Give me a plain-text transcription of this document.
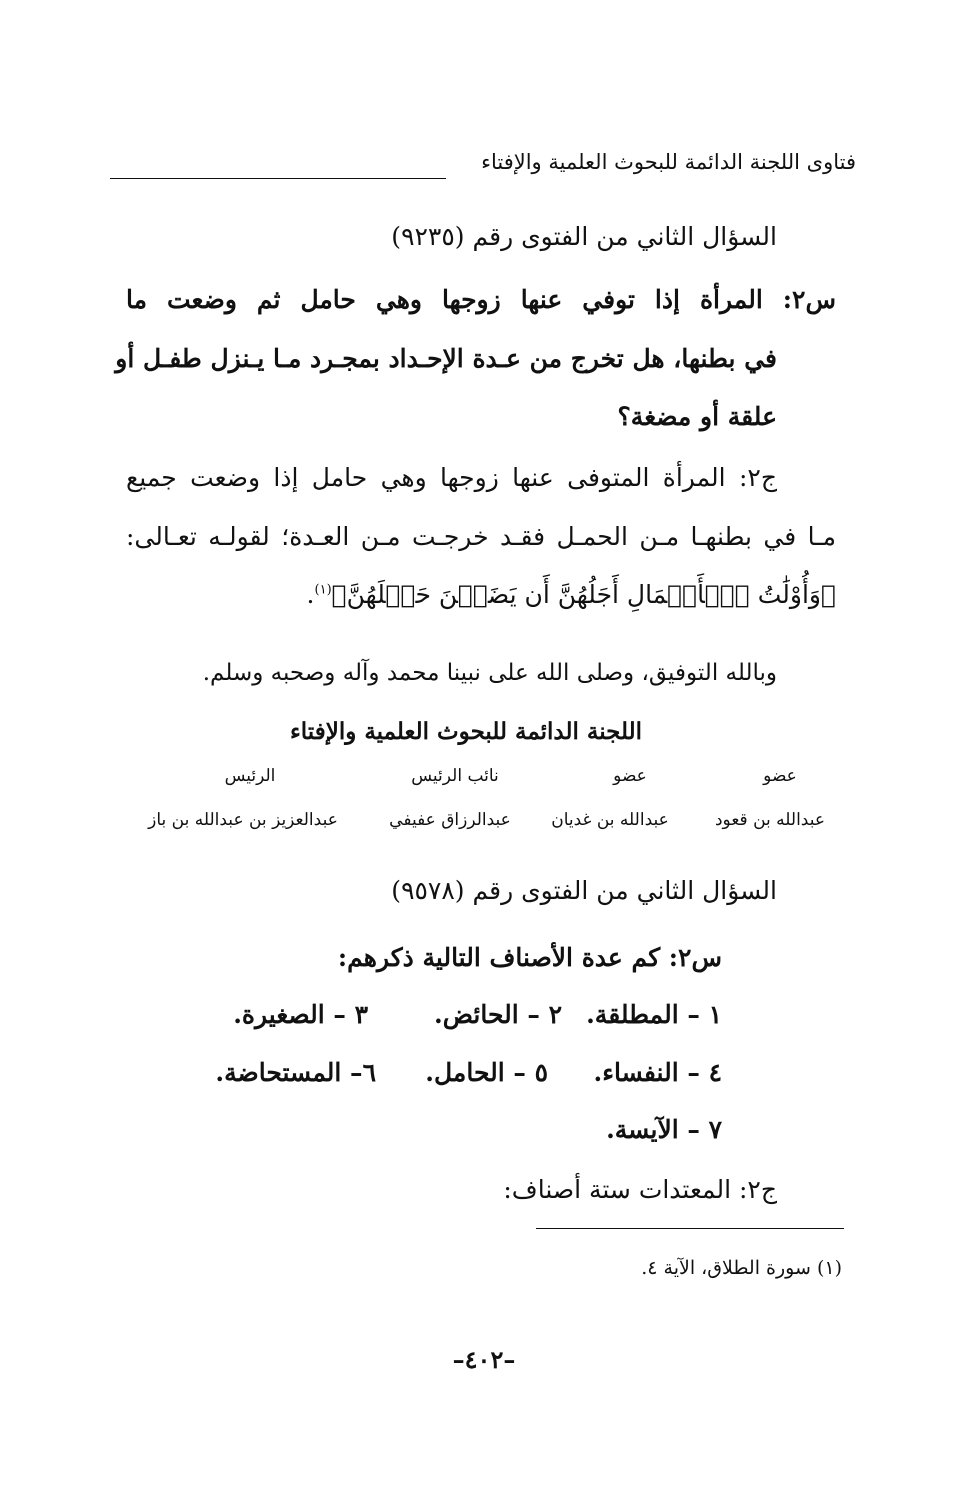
فتاوى اللجنة الدائمة للبحوث العلمية والإفتاء
السؤال الثاني من الفتوى رقم (٩٢٣٥)
س٢: المرأة إذا توفي عنها زوجها وهي حامل ثم وضعت ما
في بطنها، هل تخرج من عـدة الإحـداد بمجـرد مـا يـنزل طفـل أو
علقة أو مضغة؟
ج٢: المرأة المتوفى عنها زوجها وهي حامل إذا وضعت جميع
مـا في بطنهـا مـن الحمـل فقـد خرجـت مـن العـدة؛ لقولـه تعـالى:
﴿وَأُوْلَٰتُ ٱلۡأَحۡمَالِ أَجَلُهُنَّ أَن يَضَعۡنَ حَمۡلَهُنَّ﴾$^{(١)}$.
وبالله التوفيق، وصلى الله على نبينا محمد وآله وصحبه وسلم.
اللجنة الدائمة للبحوث العلمية والإفتاء
عضو
عضو
نائب الرئيس
الرئيس
عبدالله بن قعود
عبدالله بن غديان
عبدالرزاق عفيفي
عبدالعزيز بن عبدالله بن باز
السؤال الثاني من الفتوى رقم (٩٥٧٨)
س٢: كم عدة الأصناف التالية ذكرهم:
١ – المطلقة.
٢ – الحائض.
٣ – الصغيرة.
٤ – النفساء.
٥ – الحامل.
٦– المستحاضة.
٧ – الآيسة.
ج٢: المعتدات ستة أصناف:
(١) سورة الطلاق، الآية ٤.
–٤٠٢–
